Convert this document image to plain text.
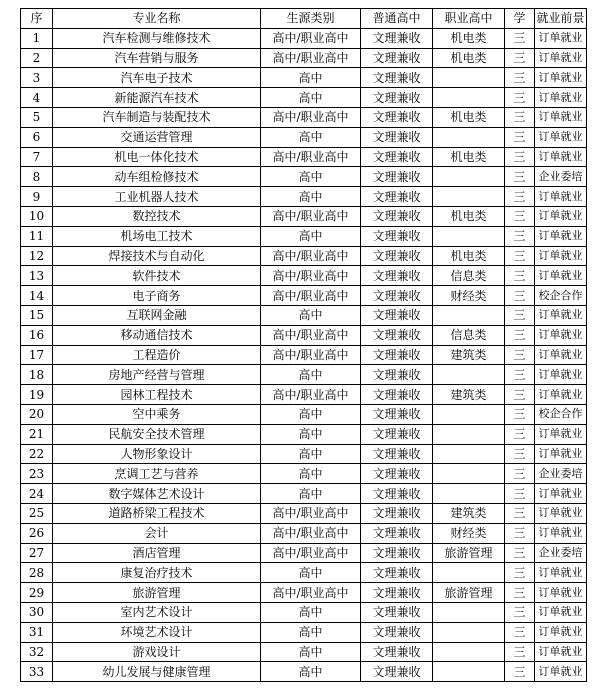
序	专业名称	生源类别	普通高中	职业高中	学	就业前景
1	汽车检测与维修技术	高中/职业高中	文理兼收	机电类	三	订单就业
2	汽车营销与服务	高中/职业高中	文理兼收	机电类	三	订单就业
3	汽车电子技术	高中	文理兼收		三	订单就业
4	新能源汽车技术	高中	文理兼收		三	订单就业
5	汽车制造与装配技术	高中/职业高中	文理兼收	机电类	三	订单就业
6	交通运营管理	高中	文理兼收		三	订单就业
7	机电一体化技术	高中/职业高中	文理兼收	机电类	三	订单就业
8	动车组检修技术	高中	文理兼收		三	企业委培
9	工业机器人技术	高中	文理兼收		三	订单就业
10	数控技术	高中/职业高中	文理兼收	机电类	三	订单就业
11	机场电工技术	高中	文理兼收		三	订单就业
12	焊接技术与自动化	高中/职业高中	文理兼收	机电类	三	订单就业
13	软件技术	高中/职业高中	文理兼收	信息类	三	订单就业
14	电子商务	高中/职业高中	文理兼收	财经类	三	校企合作
15	互联网金融	高中	文理兼收		三	订单就业
16	移动通信技术	高中/职业高中	文理兼收	信息类	三	订单就业
17	工程造价	高中/职业高中	文理兼收	建筑类	三	订单就业
18	房地产经营与管理	高中	文理兼收		三	订单就业
19	园林工程技术	高中/职业高中	文理兼收	建筑类	三	订单就业
20	空中乘务	高中	文理兼收		三	校企合作
21	民航安全技术管理	高中	文理兼收		三	订单就业
22	人物形象设计	高中	文理兼收		三	订单就业
23	烹调工艺与营养	高中	文理兼收		三	企业委培
24	数字媒体艺术设计	高中	文理兼收		三	订单就业
25	道路桥梁工程技术	高中/职业高中	文理兼收	建筑类	三	订单就业
26	会计	高中/职业高中	文理兼收	财经类	三	订单就业
27	酒店管理	高中/职业高中	文理兼收	旅游管理	三	企业委培
28	康复治疗技术	高中	文理兼收		三	订单就业
29	旅游管理	高中/职业高中	文理兼收	旅游管理	三	订单就业
30	室内艺术设计	高中	文理兼收		三	订单就业
31	环境艺术设计	高中	文理兼收		三	订单就业
32	游戏设计	高中	文理兼收		三	订单就业
33	幼儿发展与健康管理	高中	文理兼收		三	订单就业
